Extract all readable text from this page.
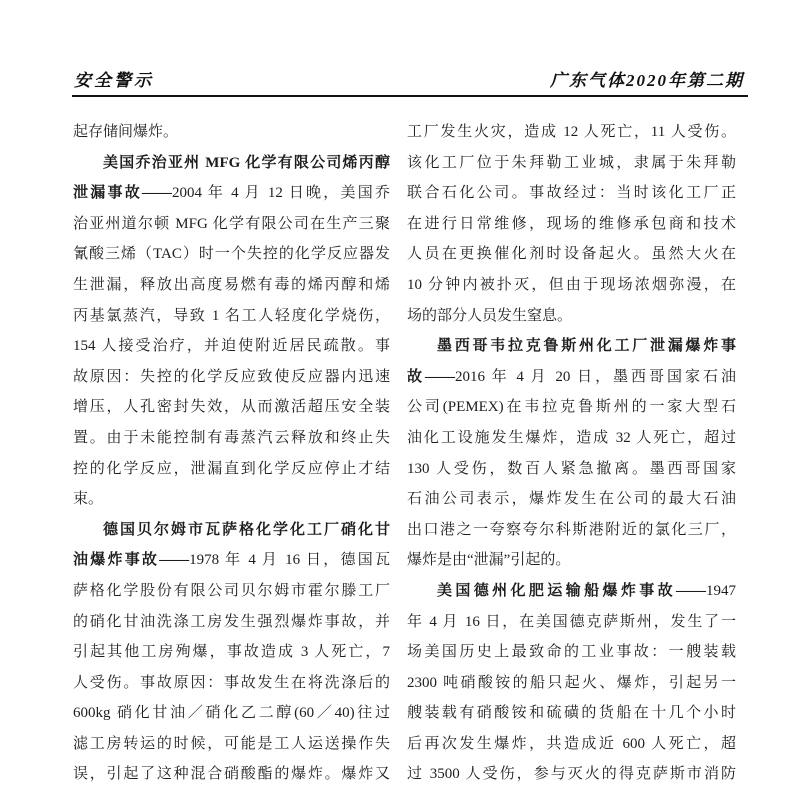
安全警示	广东气体2020年第二期
起存储间爆炸。
美国乔治亚州 MFG 化学有限公司烯丙醇
泄漏事故——2004 年 4 月 12 日晚，美国乔
治亚州道尔顿 MFG 化学有限公司在生产三聚
氰酸三烯（TAC）时一个失控的化学反应器发
生泄漏，释放出高度易燃有毒的烯丙醇和烯
丙基氯蒸汽，导致 1 名工人轻度化学烧伤，
154 人接受治疗，并迫使附近居民疏散。事
故原因：失控的化学反应致使反应器内迅速
增压，人孔密封失效，从而激活超压安全装
置。由于未能控制有毒蒸汽云释放和终止失
控的化学反应，泄漏直到化学反应停止才结
束。
德国贝尔姆市瓦萨格化学化工厂硝化甘
油爆炸事故——1978 年 4 月 16 日，德国瓦
萨格化学股份有限公司贝尔姆市霍尔滕工厂
的硝化甘油洗涤工房发生强烈爆炸事故，并
引起其他工房殉爆，事故造成 3 人死亡，7
人受伤。事故原因：事故发生在将洗涤后的
600kg 硝化甘油／硝化乙二醇(60／40)往过
滤工房转运的时候，可能是工人运送操作失
误，引起了这种混合硝酸酯的爆炸。爆炸又
工厂发生火灾，造成 12 人死亡，11 人受伤。
该化工厂位于朱拜勒工业城，隶属于朱拜勒
联合石化公司。事故经过：当时该化工厂正
在进行日常维修，现场的维修承包商和技术
人员在更换催化剂时设备起火。虽然大火在
10 分钟内被扑灭，但由于现场浓烟弥漫，在
场的部分人员发生窒息。
墨西哥韦拉克鲁斯州化工厂泄漏爆炸事
故——2016 年 4 月 20 日，墨西哥国家石油
公司(PEMEX)在韦拉克鲁斯州的一家大型石
油化工设施发生爆炸，造成 32 人死亡，超过
130 人受伤，数百人紧急撤离。墨西哥国家
石油公司表示，爆炸发生在公司的最大石油
出口港之一夸察夸尔科斯港附近的氯化三厂，
爆炸是由“泄漏”引起的。
美国德州化肥运输船爆炸事故——1947
年 4 月 16 日，在美国德克萨斯州，发生了一
场美国历史上最致命的工业事故：一艘装载
2300 吨硝酸铵的船只起火、爆炸，引起另一
艘装载有硝酸铵和硫磺的货船在十几个小时
后再次发生爆炸，共造成近 600 人死亡，超
过 3500 人受伤，参与灭火的得克萨斯市消防
